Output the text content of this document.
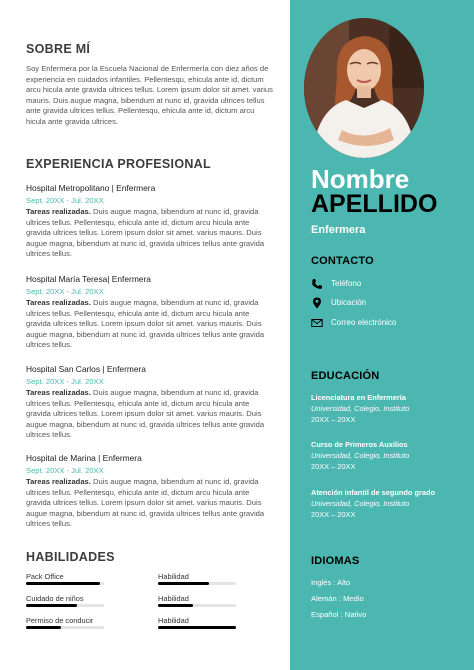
SOBRE MÍ
Soy Enfermera por la Escuela Nacional de Enfermería con diez años de experiencia en cuidados infantiles. Pellentesqu, ehicula ante id, dictum arcu hicula ante gravida ultrices tellus. Lorem ipsum dolor sit amet. varius mauris. Duis augue magna, bibendum at nunc id, gravida ultrices tellus ante gravida ultrices tellus. Pellentesqu, ehicula ante id, dictum arcu hicula ante gravida ultrices.
EXPERIENCIA PROFESIONAL
Hospital Metropolitano | Enfermera
Sept. 20XX - Jul. 20XX
Tareas realizadas. Duis augue magna, bibendum at nunc id, gravida ultrices tellus. Pellentesqu, ehicula ante id, dictum arcu hicula ante gravida ultrices tellus. Lorem ipsum dolor sit amet. varius mauris. Duis augue magna, bibendum at nunc id, gravida ultrices tellus ante gravida ultrices tellus.
Hospital María Teresa| Enfermera
Sept. 20XX - Jul. 20XX
Tareas realizadas. Duis augue magna, bibendum at nunc id, gravida ultrices tellus. Pellentesqu, ehicula ante id, dictum arcu hicula ante gravida ultrices tellus. Lorem ipsum dolor sit amet. varius mauris. Duis augue magna, bibendum at nunc id, gravida ultrices tellus ante gravida ultrices tellus.
Hospital San Carlos | Enfermera
Sept. 20XX - Jul. 20XX
Tareas realizadas. Duis augue magna, bibendum at nunc id, gravida ultrices tellus. Pellentesqu, ehicula ante id, dictum arcu hicula ante gravida ultrices tellus. Lorem ipsum dolor sit amet. varius mauris. Duis augue magna, bibendum at nunc id, gravida ultrices tellus ante gravida ultrices tellus.
Hospital de Marina | Enfermera
Sept. 20XX - Jul. 20XX
Tareas realizadas. Duis augue magna, bibendum at nunc id, gravida ultrices tellus. Pellentesqu, ehicula ante id, dictum arcu hicula ante gravida ultrices tellus. Lorem ipsum dolor sit amet. varius mauris. Duis augue magna, bibendum at nunc id, gravida ultrices tellus ante gravida ultrices tellus.
HABILIDADES
Pack Office
Cuidado de niños
Permiso de conducir
Habilidad
Habilidad
Habilidad
Nombre
APELLIDO
Enfermera
CONTACTO
Teléfono
Ubicación
Correo electrónico
EDUCACIÓN
Licenciatura en Enfermería
Universidad, Colegio, Instituto
20XX – 20XX
Curso de Primeros Auxilios
Universidad, Colegio, Instituto
20XX – 20XX
Atención infantil de segundo grado
Universidad, Colegio, Instituto
20XX – 20XX
IDIOMAS
Inglés : Alto
Alemán : Medio
Español : Nativo
